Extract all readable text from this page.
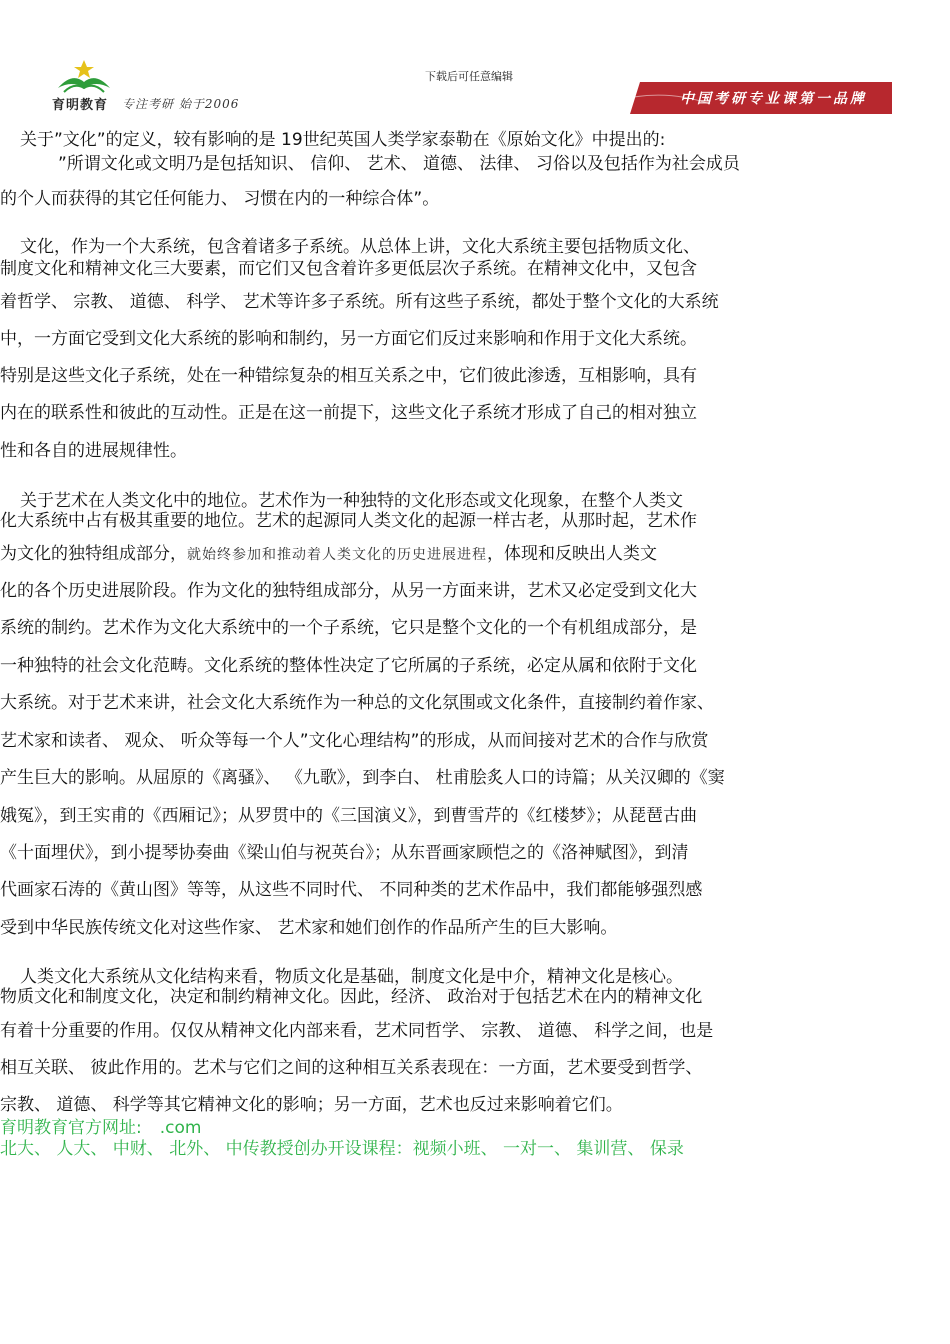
育明教育 专注考研 始于2006
下载后可任意编辑
中国考研专业课第一品牌
关于”文化”的定义，较有影响的是 19世纪英国人类学家泰勒在《原始文化》中提出的:
”所谓文化或文明乃是包括知识、 信仰、 艺术、 道德、 法律、 习俗以及包括作为社会成员
的个人而获得的其它任何能力、 习惯在内的一种综合体”。
文化，作为一个大系统，包含着诸多子系统。从总体上讲，文化大系统主要包括物质文化、
制度文化和精神文化三大要素，而它们又包含着许多更低层次子系统。在精神文化中，又包含
着哲学、 宗教、 道德、 科学、 艺术等许多子系统。所有这些子系统，都处于整个文化的大系统
中，一方面它受到文化大系统的影响和制约，另一方面它们反过来影响和作用于文化大系统。
特别是这些文化子系统，处在一种错综复杂的相互关系之中，它们彼此渗透，互相影响，具有
内在的联系性和彼此的互动性。正是在这一前提下，这些文化子系统才形成了自己的相对独立
性和各自的进展规律性。
关于艺术在人类文化中的地位。艺术作为一种独特的文化形态或文化现象，在整个人类文
化大系统中占有极其重要的地位。艺术的起源同人类文化的起源一样古老，从那时起，艺术作
为文化的独特组成部分，就始终参加和推动着人类文化的历史进展进程，体现和反映出人类文
化的各个历史进展阶段。作为文化的独特组成部分，从另一方面来讲，艺术又必定受到文化大
系统的制约。艺术作为文化大系统中的一个子系统，它只是整个文化的一个有机组成部分，是
一种独特的社会文化范畴。文化系统的整体性决定了它所属的子系统，必定从属和依附于文化
大系统。对于艺术来讲，社会文化大系统作为一种总的文化氛围或文化条件，直接制约着作家、
艺术家和读者、 观众、 听众等每一个人”文化心理结构”的形成，从而间接对艺术的合作与欣赏
产生巨大的影响。从屈原的《离骚》、 《九歌》，到李白、 杜甫脍炙人口的诗篇；从关汉卿的《窦
娥冤》，到王实甫的《西厢记》；从罗贯中的《三国演义》，到曹雪芹的《红楼梦》；从琵琶古曲
《十面埋伏》，到小提琴协奏曲《梁山伯与祝英台》；从东晋画家顾恺之的《洛神赋图》，到清
代画家石涛的《黄山图》等等，从这些不同时代、 不同种类的艺术作品中，我们都能够强烈感
受到中华民族传统文化对这些作家、 艺术家和她们创作的作品所产生的巨大影响。
人类文化大系统从文化结构来看，物质文化是基础，制度文化是中介，精神文化是核心。
物质文化和制度文化，决定和制约精神文化。因此，经济、 政治对于包括艺术在内的精神文化
有着十分重要的作用。仅仅从精神文化内部来看，艺术同哲学、 宗教、 道德、 科学之间，也是
相互关联、 彼此作用的。艺术与它们之间的这种相互关系表现在：一方面，艺术要受到哲学、
宗教、 道德、 科学等其它精神文化的影响；另一方面，艺术也反过来影响着它们。
育明教育官方网址: .com
北大、 人大、 中财、 北外、 中传教授创办开设课程：视频小班、 一对一、 集训营、 保录
